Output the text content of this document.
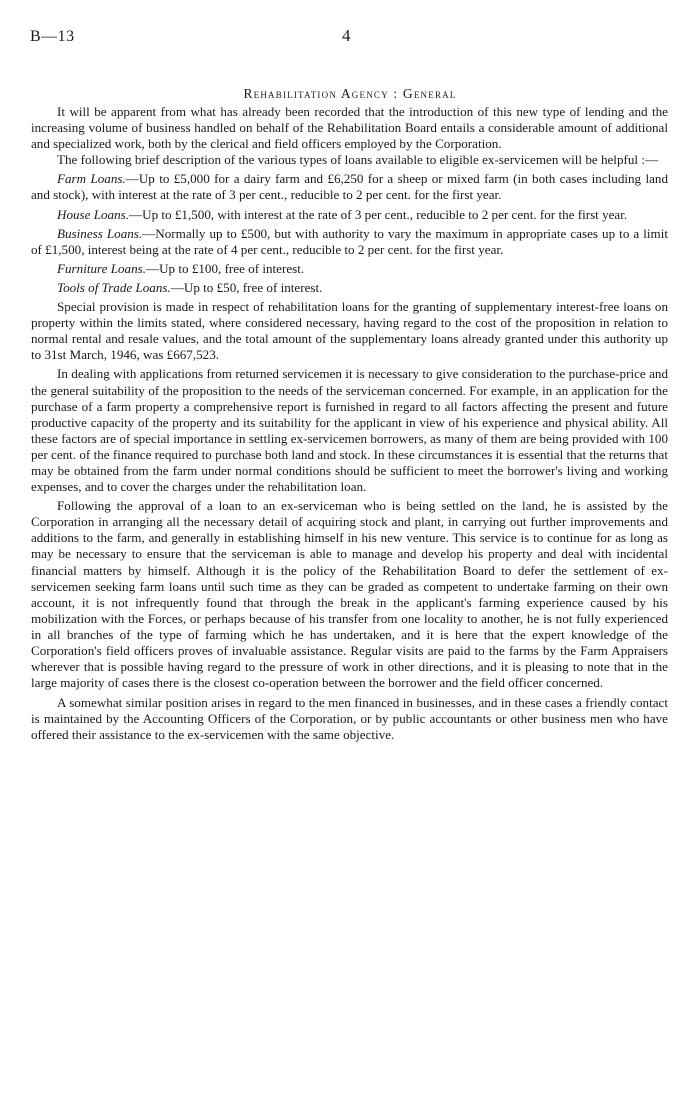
B—13	4
Rehabilitation Agency : General

It will be apparent from what has already been recorded that the introduction of this new type of lending and the increasing volume of business handled on behalf of the Rehabilitation Board entails a considerable amount of additional and specialized work, both by the clerical and field officers employed by the Corporation.

The following brief description of the various types of loans available to eligible ex-servicemen will be helpful :—

Farm Loans.—Up to £5,000 for a dairy farm and £6,250 for a sheep or mixed farm (in both cases including land and stock), with interest at the rate of 3 per cent., reducible to 2 per cent. for the first year.

House Loans.—Up to £1,500, with interest at the rate of 3 per cent., reducible to 2 per cent. for the first year.

Business Loans.—Normally up to £500, but with authority to vary the maximum in appropriate cases up to a limit of £1,500, interest being at the rate of 4 per cent., reducible to 2 per cent. for the first year.

Furniture Loans.—Up to £100, free of interest.

Tools of Trade Loans.—Up to £50, free of interest.

Special provision is made in respect of rehabilitation loans for the granting of supplementary interest-free loans on property within the limits stated, where considered necessary, having regard to the cost of the proposition in relation to normal rental and resale values, and the total amount of the supplementary loans already granted under this authority up to 31st March, 1946, was £667,523.

In dealing with applications from returned servicemen it is necessary to give consideration to the purchase-price and the general suitability of the proposition to the needs of the serviceman concerned. For example, in an application for the purchase of a farm property a comprehensive report is furnished in regard to all factors affecting the present and future productive capacity of the property and its suitability for the applicant in view of his experience and physical ability. All these factors are of special importance in settling ex-servicemen borrowers, as many of them are being provided with 100 per cent. of the finance required to purchase both land and stock. In these circumstances it is essential that the returns that may be obtained from the farm under normal conditions should be sufficient to meet the borrower's living and working expenses, and to cover the charges under the rehabilitation loan.

Following the approval of a loan to an ex-serviceman who is being settled on the land, he is assisted by the Corporation in arranging all the necessary detail of acquiring stock and plant, in carrying out further improvements and additions to the farm, and generally in establishing himself in his new venture. This service is to continue for as long as may be necessary to ensure that the serviceman is able to manage and develop his property and deal with incidental financial matters by himself. Although it is the policy of the Rehabilitation Board to defer the settlement of ex-servicemen seeking farm loans until such time as they can be graded as competent to undertake farming on their own account, it is not infrequently found that through the break in the applicant's farming experience caused by his mobilization with the Forces, or perhaps because of his transfer from one locality to another, he is not fully experienced in all branches of the type of farming which he has undertaken, and it is here that the expert knowledge of the Corporation's field officers proves of invaluable assistance. Regular visits are paid to the farms by the Farm Appraisers wherever that is possible having regard to the pressure of work in other directions, and it is pleasing to note that in the large majority of cases there is the closest co-operation between the borrower and the field officer concerned.

A somewhat similar position arises in regard to the men financed in businesses, and in these cases a friendly contact is maintained by the Accounting Officers of the Corporation, or by public accountants or other business men who have offered their assistance to the ex-servicemen with the same objective.
